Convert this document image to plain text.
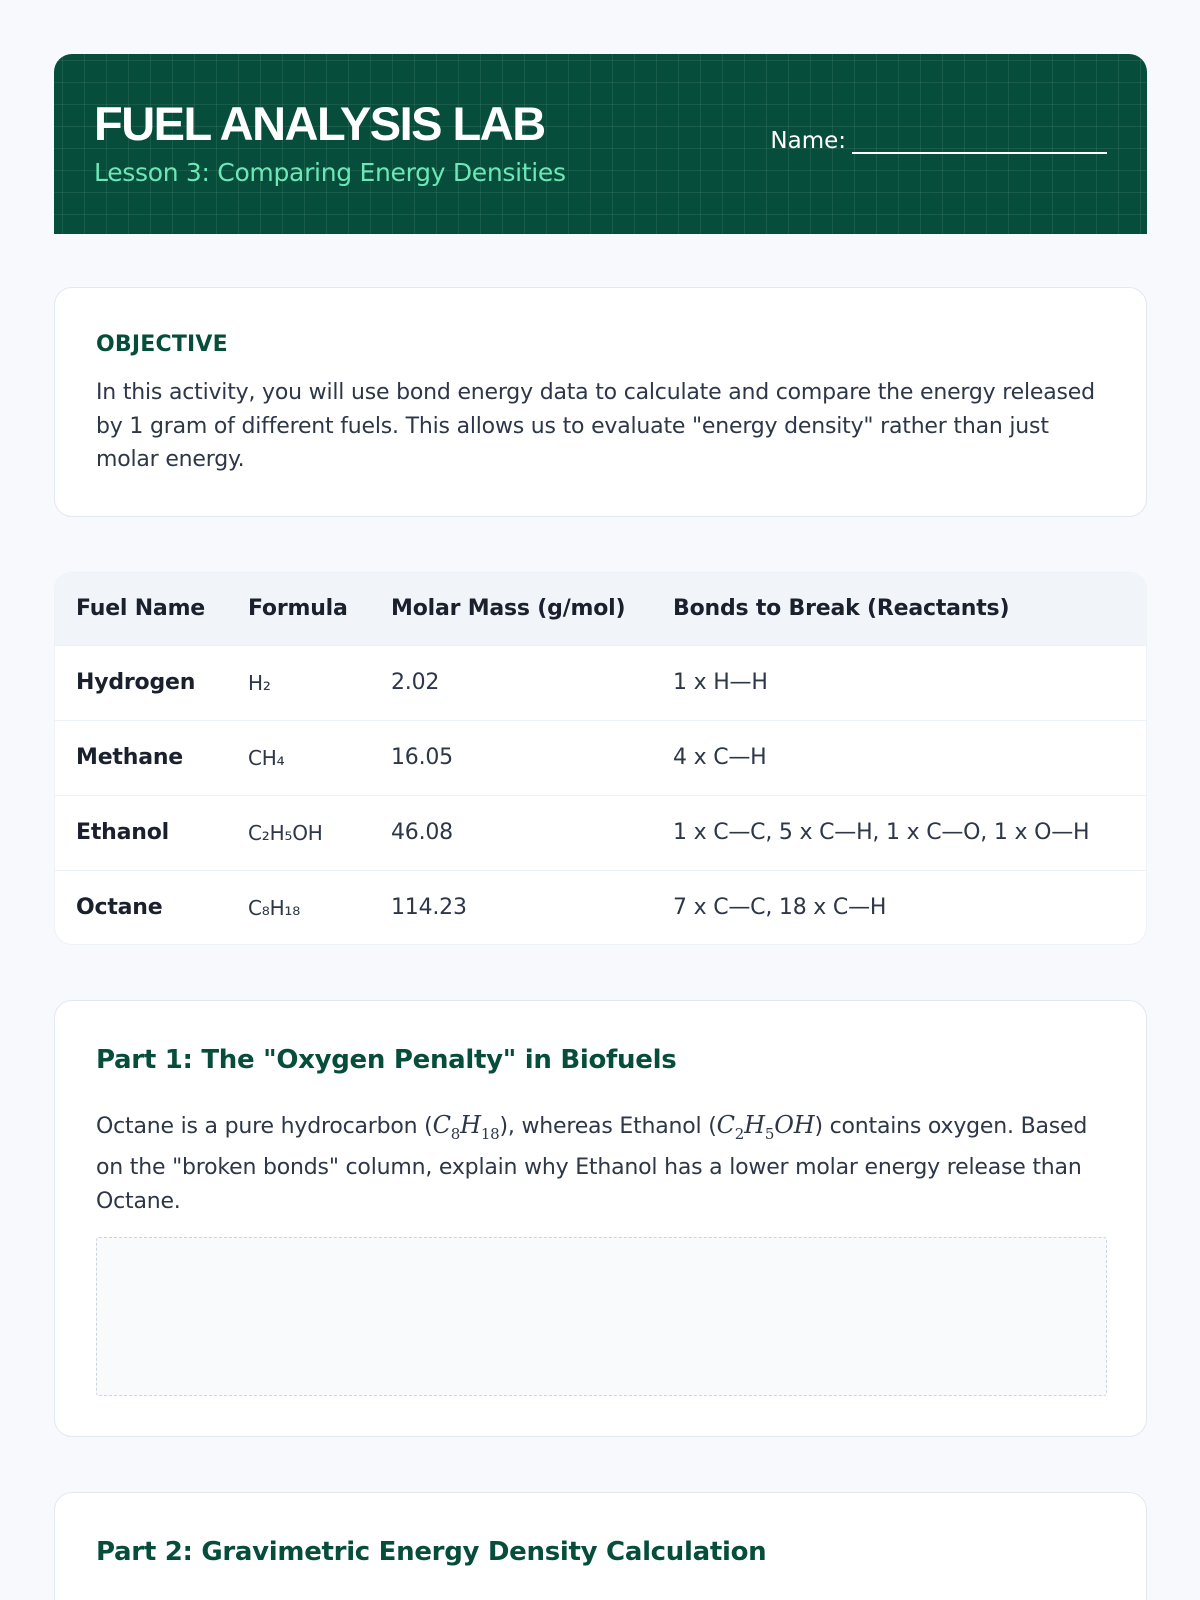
FUEL ANALYSIS LAB
Lesson 3: Comparing Energy Densities
Name:
OBJECTIVE
In this activity, you will use bond energy data to calculate and compare the energy released by 1 gram of different fuels. This allows us to evaluate "energy density" rather than just molar energy.
Fuel Name	Formula	Molar Mass (g/mol)	Bonds to Break (Reactants)
Hydrogen	H₂	2.02	1 x H—H
Methane	CH₄	16.05	4 x C—H
Ethanol	C₂H₅OH	46.08	1 x C—C, 5 x C—H, 1 x C—O, 1 x O—H
Octane	C₈H₁₈	114.23	7 x C—C, 18 x C—H
Part 1: The "Oxygen Penalty" in Biofuels
Octane is a pure hydrocarbon $(C_8H_{18})$, whereas Ethanol $(C_2H_5OH)$ contains oxygen. Based on the "broken bonds" column, explain why Ethanol has a lower molar energy release than Octane.
Part 2: Gravimetric Energy Density Calculation
